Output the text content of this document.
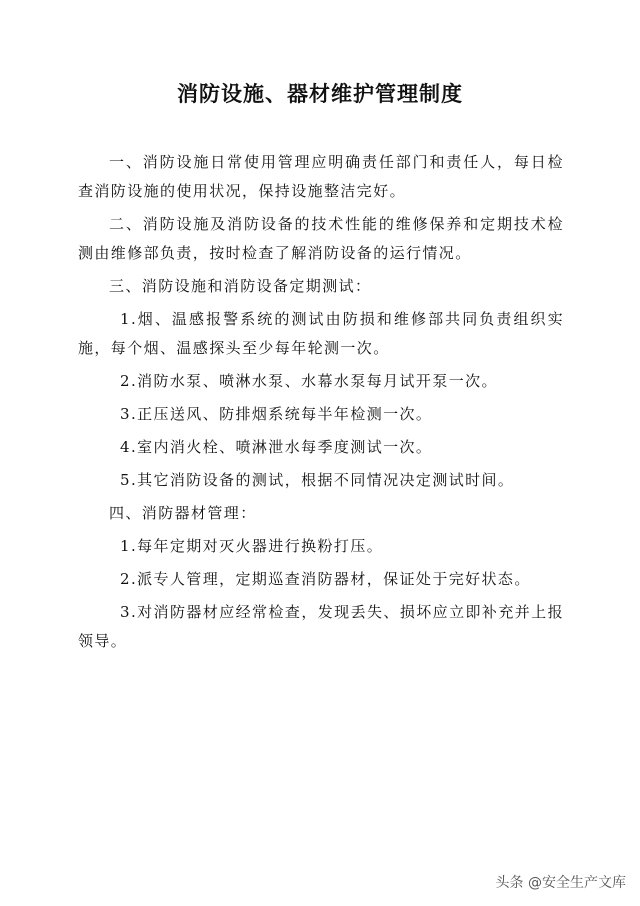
消防设施、器材维护管理制度

一、消防设施日常使用管理应明确责任部门和责任人，每日检查消防设施的使用状况，保持设施整洁完好。

二、消防设施及消防设备的技术性能的维修保养和定期技术检测由维修部负责，按时检查了解消防设备的运行情况。

三、消防设施和消防设备定期测试：

1.烟、温感报警系统的测试由防损和维修部共同负责组织实施，每个烟、温感探头至少每年轮测一次。

2.消防水泵、喷淋水泵、水幕水泵每月试开泵一次。

3.正压送风、防排烟系统每半年检测一次。

4.室内消火栓、喷淋泄水每季度测试一次。

5.其它消防设备的测试，根据不同情况决定测试时间。

四、消防器材管理：

1.每年定期对灭火器进行换粉打压。

2.派专人管理，定期巡查消防器材，保证处于完好状态。

3.对消防器材应经常检查，发现丢失、损坏应立即补充并上报领导。

头条 @安全生产文库
